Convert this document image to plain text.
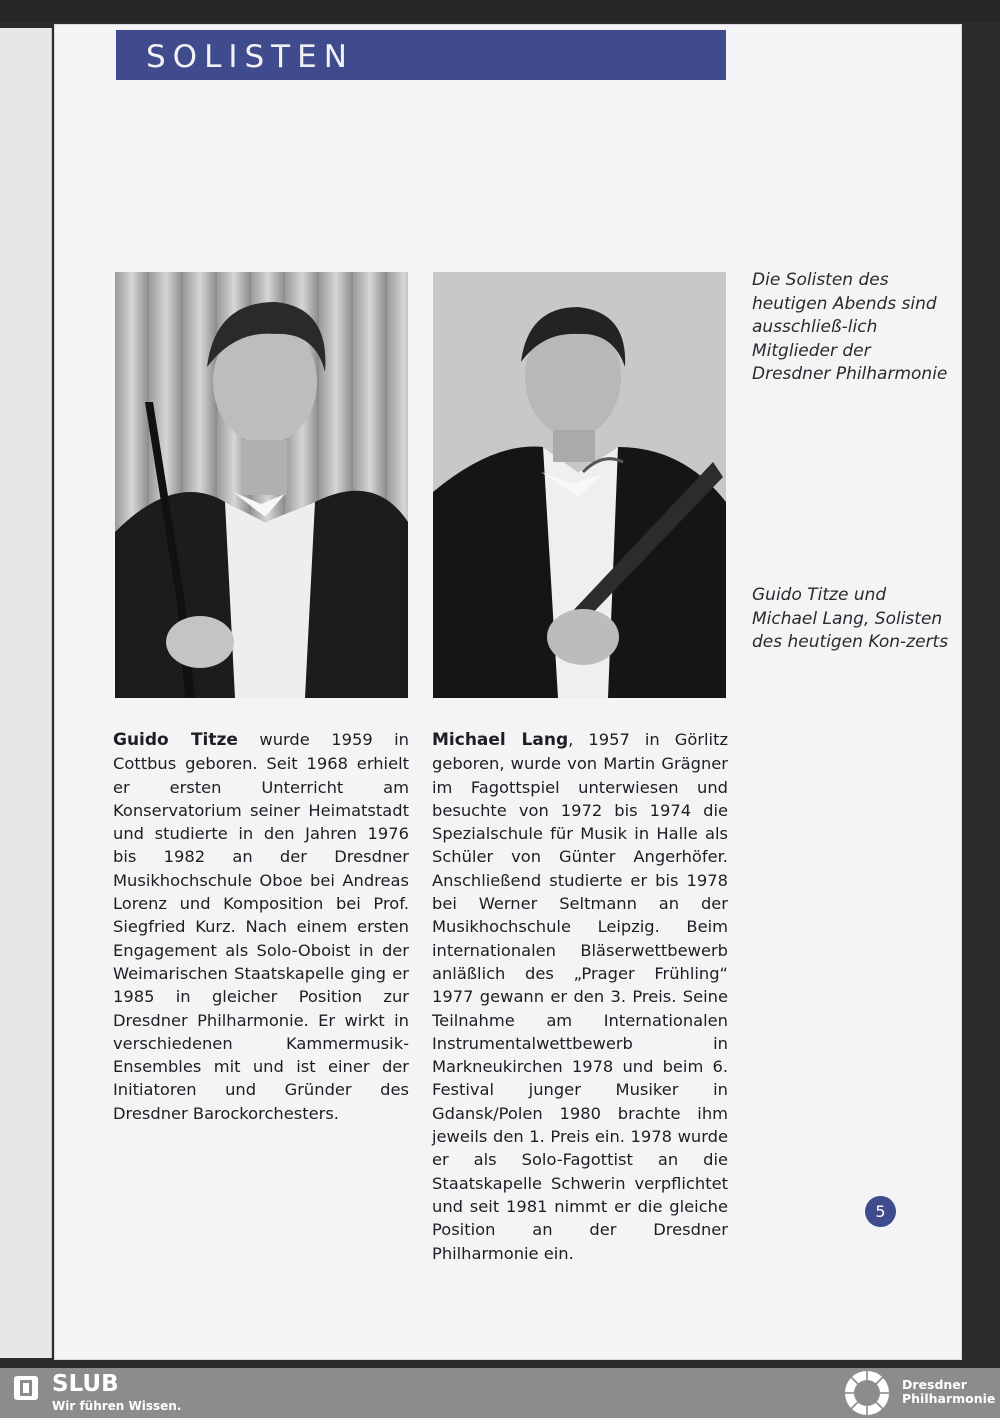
SOLISTEN

Die Solisten des heutigen Abends sind ausschließ-lich Mitglieder der Dresdner Philharmonie

Guido Titze und Michael Lang, Solisten des heutigen Kon-zerts

Guido Titze wurde 1959 in Cottbus geboren. Seit 1968 erhielt er ersten Unterricht am Konservatorium seiner Heimatstadt und studierte in den Jahren 1976 bis 1982 an der Dresdner Musikhochschule Oboe bei Andreas Lorenz und Komposition bei Prof. Siegfried Kurz. Nach einem ersten Engagement als Solo-Oboist in der Weimarischen Staatskapelle ging er 1985 in gleicher Position zur Dresdner Philharmonie. Er wirkt in verschiedenen Kammermusik-Ensembles mit und ist einer der Initiatoren und Gründer des Dresdner Barockorchesters.

Michael Lang, 1957 in Görlitz geboren, wurde von Martin Grägner im Fagottspiel unterwiesen und besuchte von 1972 bis 1974 die Spezialschule für Musik in Halle als Schüler von Günter Angerhöfer. Anschließend studierte er bis 1978 bei Werner Seltmann an der Musikhochschule Leipzig. Beim internationalen Bläserwettbewerb anläßlich des „Prager Frühling“ 1977 gewann er den 3. Preis. Seine Teilnahme am Internationalen Instrumentalwettbewerb in Markneukirchen 1978 und beim 6. Festival junger Musiker in Gdansk/Polen 1980 brachte ihm jeweils den 1. Preis ein. 1978 wurde er als Solo-Fagottist an die Staatskapelle Schwerin verpflichtet und seit 1981 nimmt er die gleiche Position an der Dresdner Philharmonie ein.

5
SLUB
Wir führen Wissen.
Dresdner
Philharmonie
